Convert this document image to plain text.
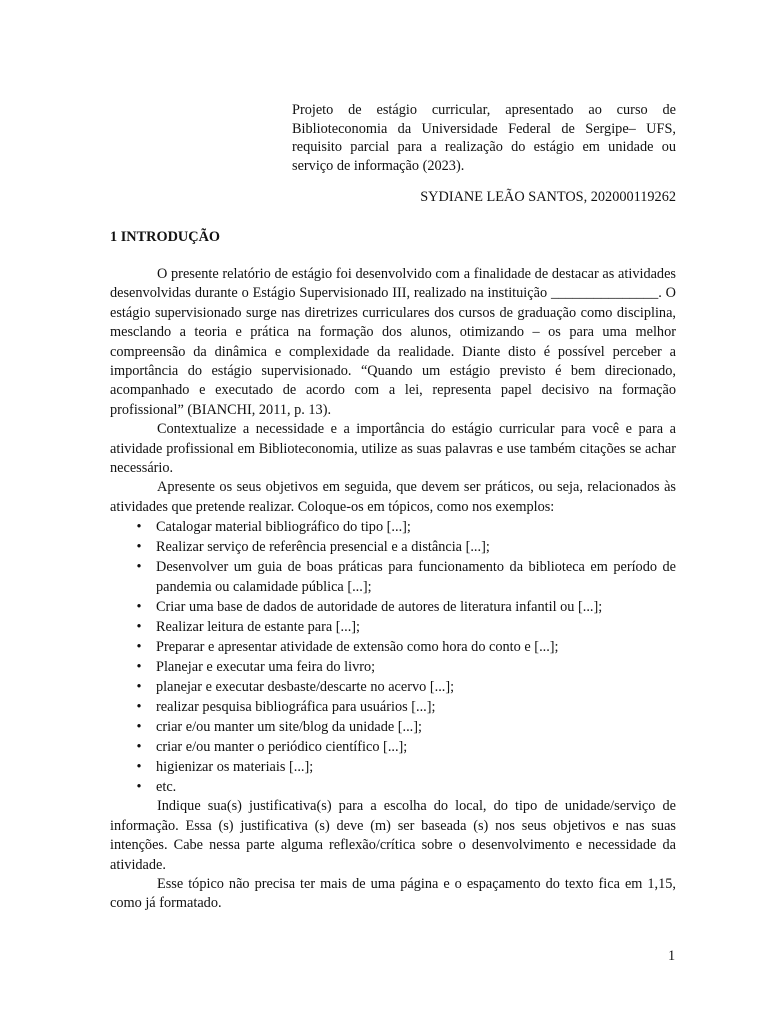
Projeto de estágio curricular, apresentado ao curso de Biblioteconomia da Universidade Federal de Sergipe– UFS, requisito parcial para a realização do estágio em unidade ou serviço de informação (2023).
SYDIANE LEÃO SANTOS, 202000119262
1 INTRODUÇÃO

O presente relatório de estágio foi desenvolvido com a finalidade de destacar as atividades desenvolvidas durante o Estágio Supervisionado III, realizado na instituição _______________. O estágio supervisionado surge nas diretrizes curriculares dos cursos de graduação como disciplina, mesclando a teoria e prática na formação dos alunos, otimizando – os para uma melhor compreensão da dinâmica e complexidade da realidade. Diante disto é possível perceber a importância do estágio supervisionado. “Quando um estágio previsto é bem direcionado, acompanhado e executado de acordo com a lei, representa papel decisivo na formação profissional” (BIANCHI, 2011, p. 13).

Contextualize a necessidade e a importância do estágio curricular para você e para a atividade profissional em Biblioteconomia, utilize as suas palavras e use também citações se achar necessário.

Apresente os seus objetivos em seguida, que devem ser práticos, ou seja, relacionados às atividades que pretende realizar. Coloque-os em tópicos, como nos exemplos:

• Catalogar material bibliográfico do tipo [...];
• Realizar serviço de referência presencial e a distância [...];
• Desenvolver um guia de boas práticas para funcionamento da biblioteca em período de pandemia ou calamidade pública [...];
• Criar uma base de dados de autoridade de autores de literatura infantil ou [...];
• Realizar leitura de estante para [...];
• Preparar e apresentar atividade de extensão como hora do conto e [...];
• Planejar e executar uma feira do livro;
• planejar e executar desbaste/descarte no acervo [...];
• realizar pesquisa bibliográfica para usuários [...];
• criar e/ou manter um site/blog da unidade [...];
• criar e/ou manter o periódico científico [...];
• higienizar os materiais [...];
• etc.

Indique sua(s) justificativa(s) para a escolha do local, do tipo de unidade/serviço de informação. Essa (s) justificativa (s) deve (m) ser baseada (s) nos seus objetivos e nas suas intenções. Cabe nessa parte alguma reflexão/crítica sobre o desenvolvimento e necessidade da atividade.

Esse tópico não precisa ter mais de uma página e o espaçamento do texto fica em 1,15, como já formatado.

1
